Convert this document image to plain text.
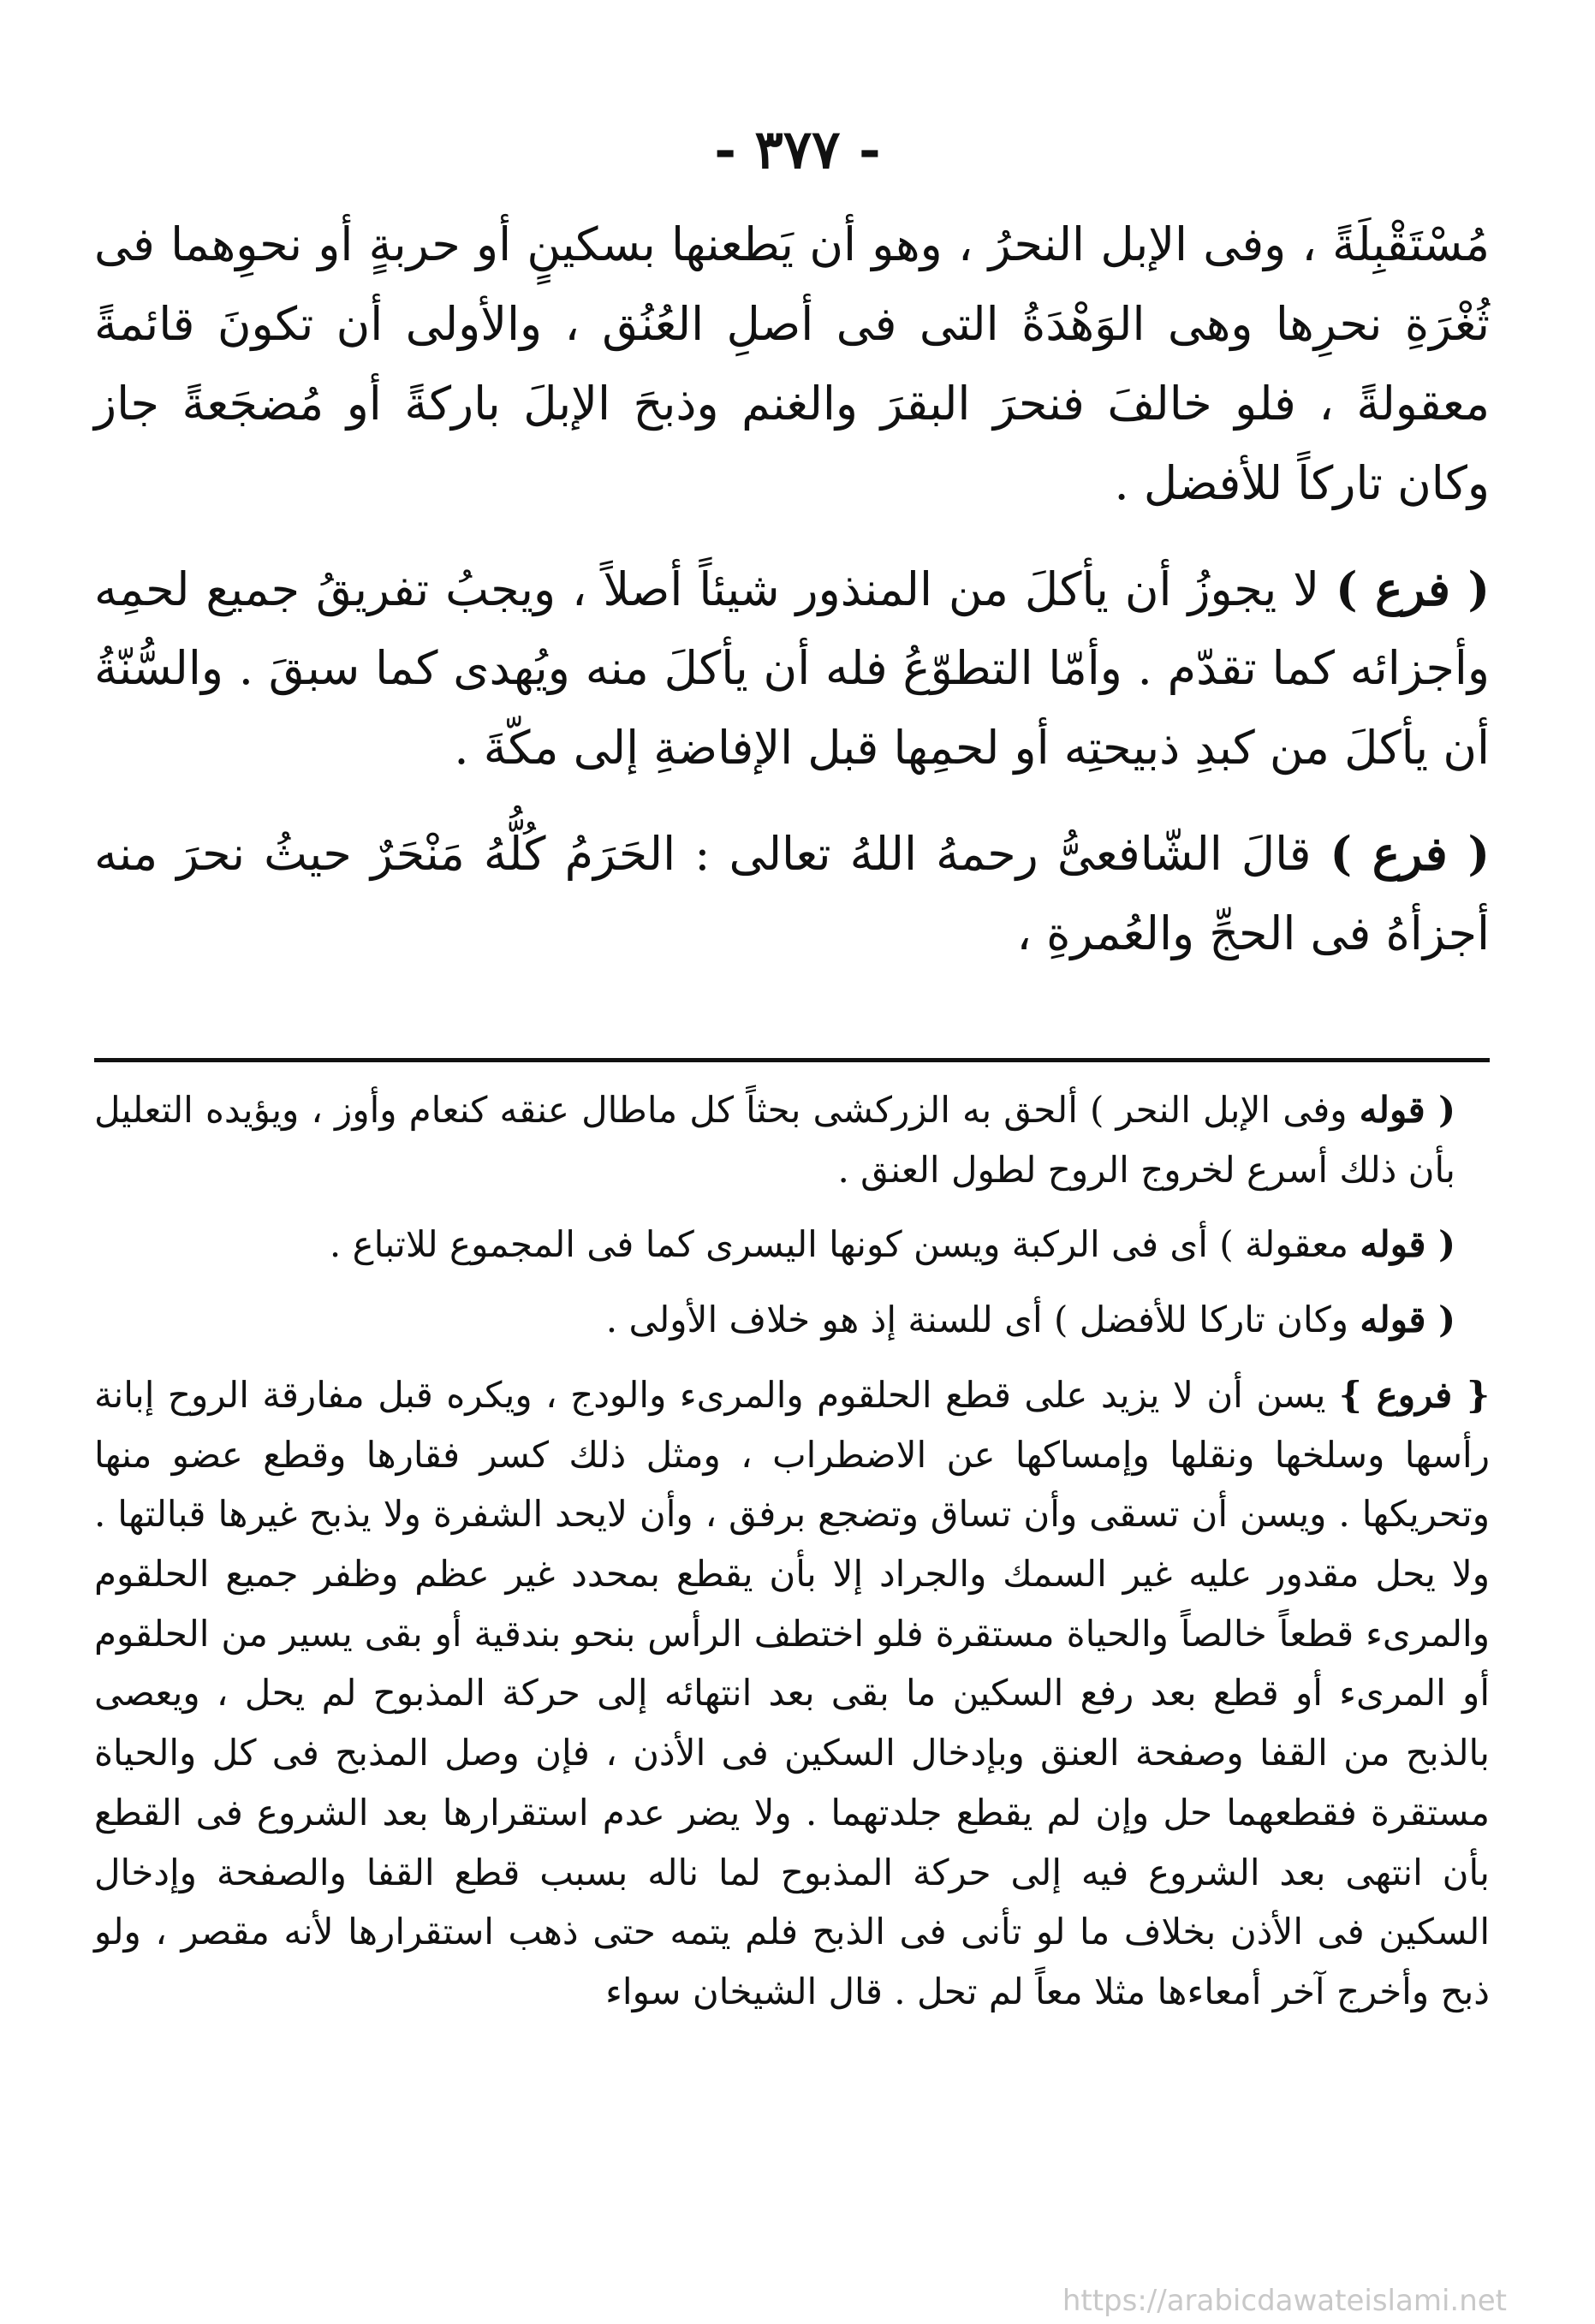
- ٣٧٧ -

مُسْتَقْبِلَةً ، وفى الإبل النحرُ ، وهو أن يَطعنها بسكينٍ أو حربةٍ أو نحوِهما فى ثُغْرَةِ نحرِها وهى الوَهْدَةُ التى فى أصلِ العُنُق ، والأولى أن تكونَ قائمةً معقولةً ، فلو خالفَ فنحرَ البقرَ والغنم وذبحَ الإبلَ باركةً أو مُضجَعةً جاز وكان تاركاً للأفضل .

( فرع ) لا يجوزُ أن يأكلَ من المنذور شيئاً أصلاً ، ويجبُ تفريقُ جميع لحمِه وأجزائه كما تقدّم . وأمّا التطوّعُ فله أن يأكلَ منه ويُهدى كما سبقَ . والسُّنّةُ أن يأكلَ من كبدِ ذبيحتِه أو لحمِها قبل الإفاضةِ إلى مكّةَ .

( فرع ) قالَ الشّافعىُّ رحمهُ اللهُ تعالى : الحَرَمُ كُلُّهُ مَنْحَرٌ حيثُ نحرَ منه أجزأهُ فى الحجِّ والعُمرةِ ،

( قوله وفى الإبل النحر ) ألحق به الزركشى بحثاً كل ماطال عنقه كنعام وأوز ، ويؤيده التعليل بأن ذلك أسرع لخروج الروح لطول العنق .

( قوله معقولة ) أى فى الركبة ويسن كونها اليسرى كما فى المجموع للاتباع .

( قوله وكان تاركا للأفضل ) أى للسنة إذ هو خلاف الأولى .

{ فروع } يسن أن لا يزيد على قطع الحلقوم والمرىء والودج ، ويكره قبل مفارقة الروح إبانة رأسها وسلخها ونقلها وإمساكها عن الاضطراب ، ومثل ذلك كسر فقارها وقطع عضو منها وتحريكها . ويسن أن تسقى وأن تساق وتضجع برفق ، وأن لايحد الشفرة ولا يذبح غيرها قبالتها . ولا يحل مقدور عليه غير السمك والجراد إلا بأن يقطع بمحدد غير عظم وظفر جميع الحلقوم والمرىء قطعاً خالصاً والحياة مستقرة فلو اختطف الرأس بنحو بندقية أو بقى يسير من الحلقوم أو المرىء أو قطع بعد رفع السكين ما بقى بعد انتهائه إلى حركة المذبوح لم يحل ، ويعصى بالذبح من القفا وصفحة العنق وبإدخال السكين فى الأذن ، فإن وصل المذبح فى كل والحياة مستقرة فقطعهما حل وإن لم يقطع جلدتهما . ولا يضر عدم استقرارها بعد الشروع فى القطع بأن انتهى بعد الشروع فيه إلى حركة المذبوح لما ناله بسبب قطع القفا والصفحة وإدخال السكين فى الأذن بخلاف ما لو تأنى فى الذبح فلم يتمه حتى ذهب استقرارها لأنه مقصر ، ولو ذبح وأخرج آخر أمعاءها مثلا معاً لم تحل . قال الشيخان سواء

https://arabicdawateislami.net
